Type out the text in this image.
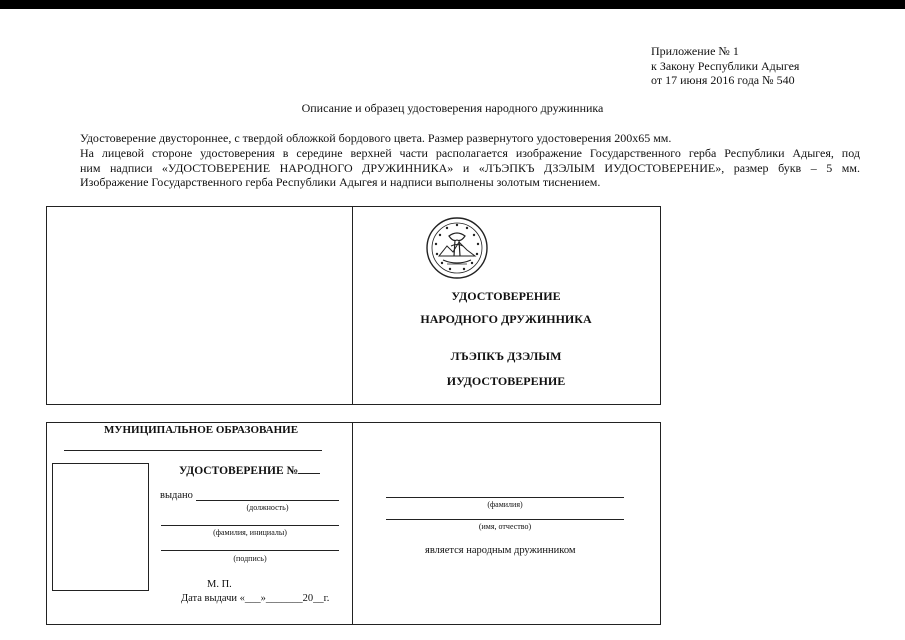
Приложение № 1
к Закону Республики Адыгея
от 17 июня 2016 года № 540
Описание и образец удостоверения народного дружинника
Удостоверение двустороннее, с твердой обложкой бордового цвета. Размер развернутого удостоверения 200x65 мм.
На лицевой стороне удостоверения в середине верхней части располагается изображение Государственного герба Республики Адыгея, под
ним надписи «УДОСТОВЕРЕНИЕ НАРОДНОГО ДРУЖИННИКА» и «ЛЪЭПКЪ ДЗЭЛЫМ ИУДОСТОВЕРЕНИЕ», размер букв – 5 мм.
Изображение Государственного герба Республики Адыгея и надписи выполнены золотым тиснением.
УДОСТОВЕРЕНИЕ
НАРОДНОГО ДРУЖИННИКА
ЛЪЭПКЪ ДЗЭЛЫМ
ИУДОСТОВЕРЕНИЕ
МУНИЦИПАЛЬНОЕ ОБРАЗОВАНИЕ
УДОСТОВЕРЕНИЕ №
выдано
(должность)
(фамилия, инициалы)
(подпись)
М. П.
Дата выдачи «___»_______20__г.
(фамилия)
(имя, отчество)
является народным дружинником
